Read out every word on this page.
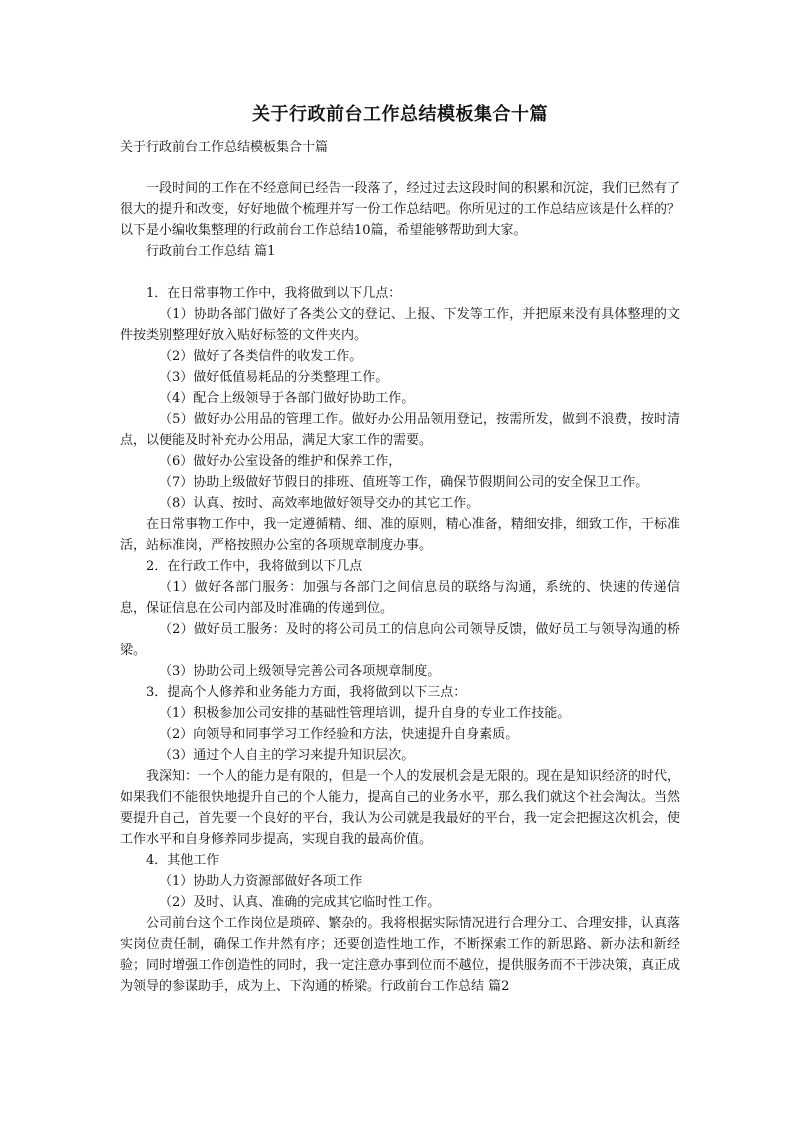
关于行政前台工作总结模板集合十篇
关于行政前台工作总结模板集合十篇

一段时间的工作在不经意间已经告一段落了，经过过去这段时间的积累和沉淀，我们已然有了很大的提升和改变，好好地做个梳理并写一份工作总结吧。你所见过的工作总结应该是什么样的？以下是小编收集整理的行政前台工作总结10篇，希望能够帮助到大家。

行政前台工作总结 篇1

1．在日常事物工作中，我将做到以下几点：

（1）协助各部门做好了各类公文的登记、上报、下发等工作，并把原来没有具体整理的文件按类别整理好放入贴好标签的文件夹内。

（2）做好了各类信件的收发工作。

（3）做好低值易耗品的分类整理工作。

（4）配合上级领导于各部门做好协助工作。

（5）做好办公用品的管理工作。做好办公用品领用登记，按需所发，做到不浪费，按时清点，以便能及时补充办公用品，满足大家工作的需要。

（6）做好办公室设备的维护和保养工作，

（7）协助上级做好节假日的排班、值班等工作，确保节假期间公司的安全保卫工作。

（8）认真、按时、高效率地做好领导交办的其它工作。

在日常事物工作中，我一定遵循精、细、准的原则，精心准备，精细安排，细致工作，干标准活，站标准岗，严格按照办公室的各项规章制度办事。

2．在行政工作中，我将做到以下几点

（1）做好各部门服务：加强与各部门之间信息员的联络与沟通，系统的、快速的传递信息，保证信息在公司内部及时准确的传递到位。

（2）做好员工服务：及时的将公司员工的信息向公司领导反馈，做好员工与领导沟通的桥梁。

（3）协助公司上级领导完善公司各项规章制度。

3．提高个人修养和业务能力方面，我将做到以下三点：

（1）积极参加公司安排的基础性管理培训，提升自身的专业工作技能。

（2）向领导和同事学习工作经验和方法，快速提升自身素质。

（3）通过个人自主的学习来提升知识层次。

我深知：一个人的能力是有限的，但是一个人的发展机会是无限的。现在是知识经济的时代，如果我们不能很快地提升自己的个人能力，提高自己的业务水平，那么我们就这个社会淘汰。当然要提升自己，首先要一个良好的平台，我认为公司就是我最好的平台，我一定会把握这次机会，使工作水平和自身修养同步提高，实现自我的最高价值。

4．其他工作

（1）协助人力资源部做好各项工作

（2）及时、认真、准确的完成其它临时性工作。

公司前台这个工作岗位是琐碎、繁杂的。我将根据实际情况进行合理分工、合理安排，认真落实岗位责任制，确保工作井然有序；还要创造性地工作，不断探索工作的新思路、新办法和新经验；同时增强工作创造性的同时，我一定注意办事到位而不越位，提供服务而不干涉决策，真正成为领导的参谋助手，成为上、下沟通的桥梁。行政前台工作总结 篇2
